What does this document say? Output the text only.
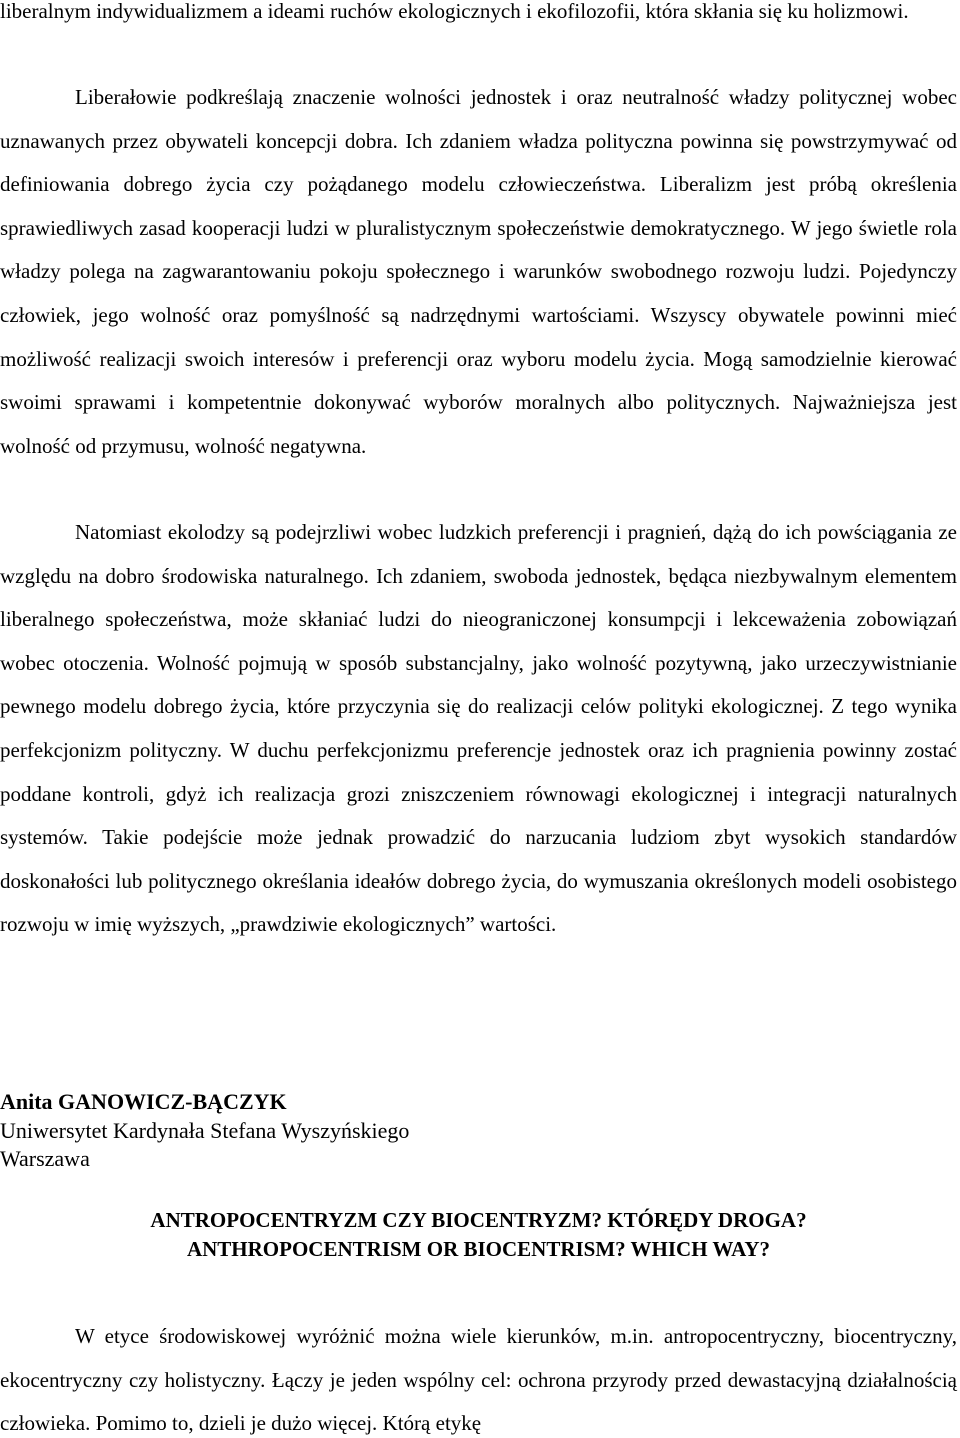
liberalnym indywidualizmem a ideami ruchów ekologicznych i ekofilozofii, która skłania się ku holizmowi.

Liberałowie podkreślają znaczenie wolności jednostek i oraz neutralność władzy politycznej wobec uznawanych przez obywateli koncepcji dobra. Ich zdaniem władza polityczna powinna się powstrzymywać od definiowania dobrego życia czy pożądanego modelu człowieczeństwa. Liberalizm jest próbą określenia sprawiedliwych zasad kooperacji ludzi w pluralistycznym społeczeństwie demokratycznego. W jego świetle rola władzy polega na zagwarantowaniu pokoju społecznego i warunków swobodnego rozwoju ludzi. Pojedynczy człowiek, jego wolność oraz pomyślność są nadrzędnymi wartościami. Wszyscy obywatele powinni mieć możliwość realizacji swoich interesów i preferencji oraz wyboru modelu życia. Mogą samodzielnie kierować swoimi sprawami i kompetentnie dokonywać wyborów moralnych albo politycznych. Najważniejsza jest wolność od przymusu, wolność negatywna.

Natomiast ekolodzy są podejrzliwi wobec ludzkich preferencji i pragnień, dążą do ich powściągania ze względu na dobro środowiska naturalnego. Ich zdaniem, swoboda jednostek, będąca niezbywalnym elementem liberalnego społeczeństwa, może skłaniać ludzi do nieograniczonej konsumpcji i lekceważenia zobowiązań wobec otoczenia. Wolność pojmują w sposób substancjalny, jako wolność pozytywną, jako urzeczywistnianie pewnego modelu dobrego życia, które przyczynia się do realizacji celów polityki ekologicznej. Z tego wynika perfekcjonizm polityczny. W duchu perfekcjonizmu preferencje jednostek oraz ich pragnienia powinny zostać poddane kontroli, gdyż ich realizacja grozi zniszczeniem równowagi ekologicznej i integracji naturalnych systemów. Takie podejście może jednak prowadzić do narzucania ludziom zbyt wysokich standardów doskonałości lub politycznego określania ideałów dobrego życia, do wymuszania określonych modeli osobistego rozwoju w imię wyższych, „prawdziwie ekologicznych” wartości.

Anita GANOWICZ-BĄCZYK
Uniwersytet Kardynała Stefana Wyszyńskiego
Warszawa
ANTROPOCENTRYZM CZY BIOCENTRYZM? KTÓRĘDY DROGA?
ANTHROPOCENTRISM OR BIOCENTRISM? WHICH WAY?

W etyce środowiskowej wyróżnić można wiele kierunków, m.in. antropocentryczny, biocentryczny, ekocentryczny czy holistyczny. Łączy je jeden wspólny cel: ochrona przyrody przed dewastacyjną działalnością człowieka. Pomimo to, dzieli je dużo więcej. Którą etykę
